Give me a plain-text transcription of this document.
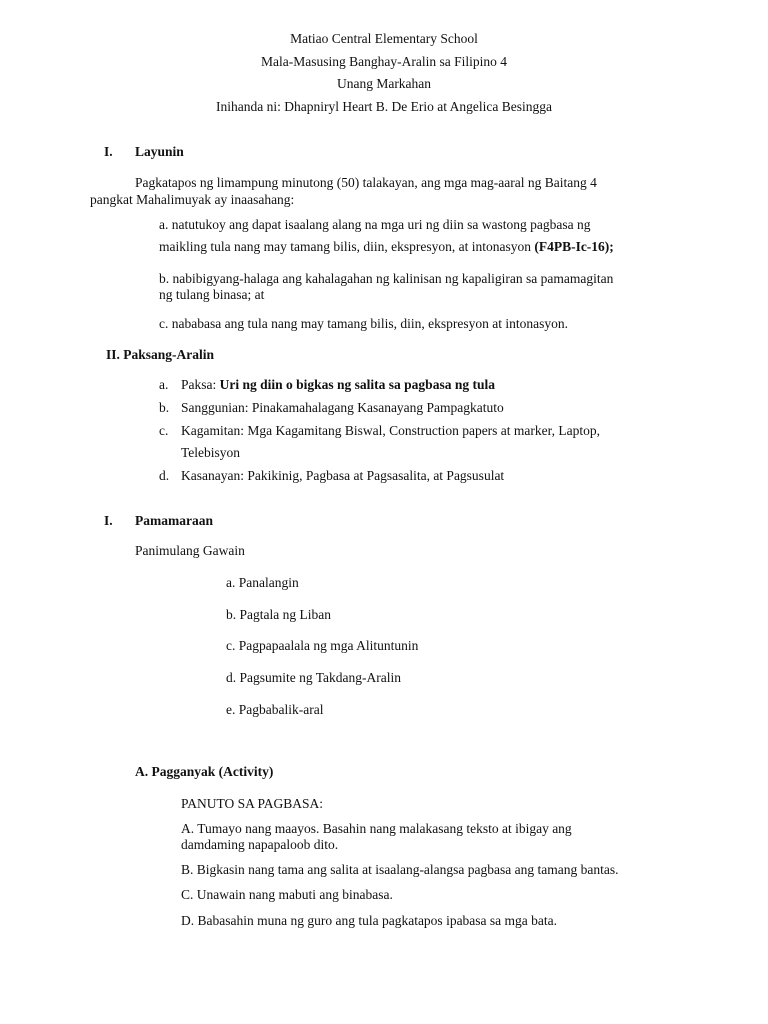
Matiao Central Elementary School
Mala-Masusing Banghay-Aralin sa Filipino 4
Unang Markahan
Inihanda ni: Dhapniryl Heart B. De Erio at Angelica Besingga
I. Layunin
Pagkatapos ng limampung minutong (50) talakayan, ang mga mag-aaral ng Baitang 4
pangkat Mahalimuyak ay inaasahang:
a. natutukoy ang dapat isaalang alang na mga uri ng diin sa wastong pagbasa ng
maikling tula nang may tamang bilis, diin, ekspresyon, at intonasyon (F4PB-Ic-16);
b. nabibigyang-halaga ang kahalagahan ng kalinisan ng kapaligiran sa pamamagitan
ng tulang binasa; at
c. nababasa ang tula nang may tamang bilis, diin, ekspresyon at intonasyon.
II. Paksang-Aralin
a. Paksa: Uri ng diin o bigkas ng salita sa pagbasa ng tula
b. Sanggunian: Pinakamahalagang Kasanayang Pampagkatuto
c. Kagamitan: Mga Kagamitang Biswal, Construction papers at marker, Laptop,
Telebisyon
d. Kasanayan: Pakikinig, Pagbasa at Pagsasalita, at Pagsusulat
I. Pamamaraan
Panimulang Gawain
a. Panalangin
b. Pagtala ng Liban
c. Pagpapaalala ng mga Alituntunin
d. Pagsumite ng Takdang-Aralin
e. Pagbabalik-aral
A. Pagganyak (Activity)
PANUTO SA PAGBASA:
A. Tumayo nang maayos. Basahin nang malakasang teksto at ibigay ang
damdaming napapaloob dito.
B. Bigkasin nang tama ang salita at isaalang-alangsa pagbasa ang tamang bantas.
C. Unawain nang mabuti ang binabasa.
D. Babasahin muna ng guro ang tula pagkatapos ipabasa sa mga bata.
